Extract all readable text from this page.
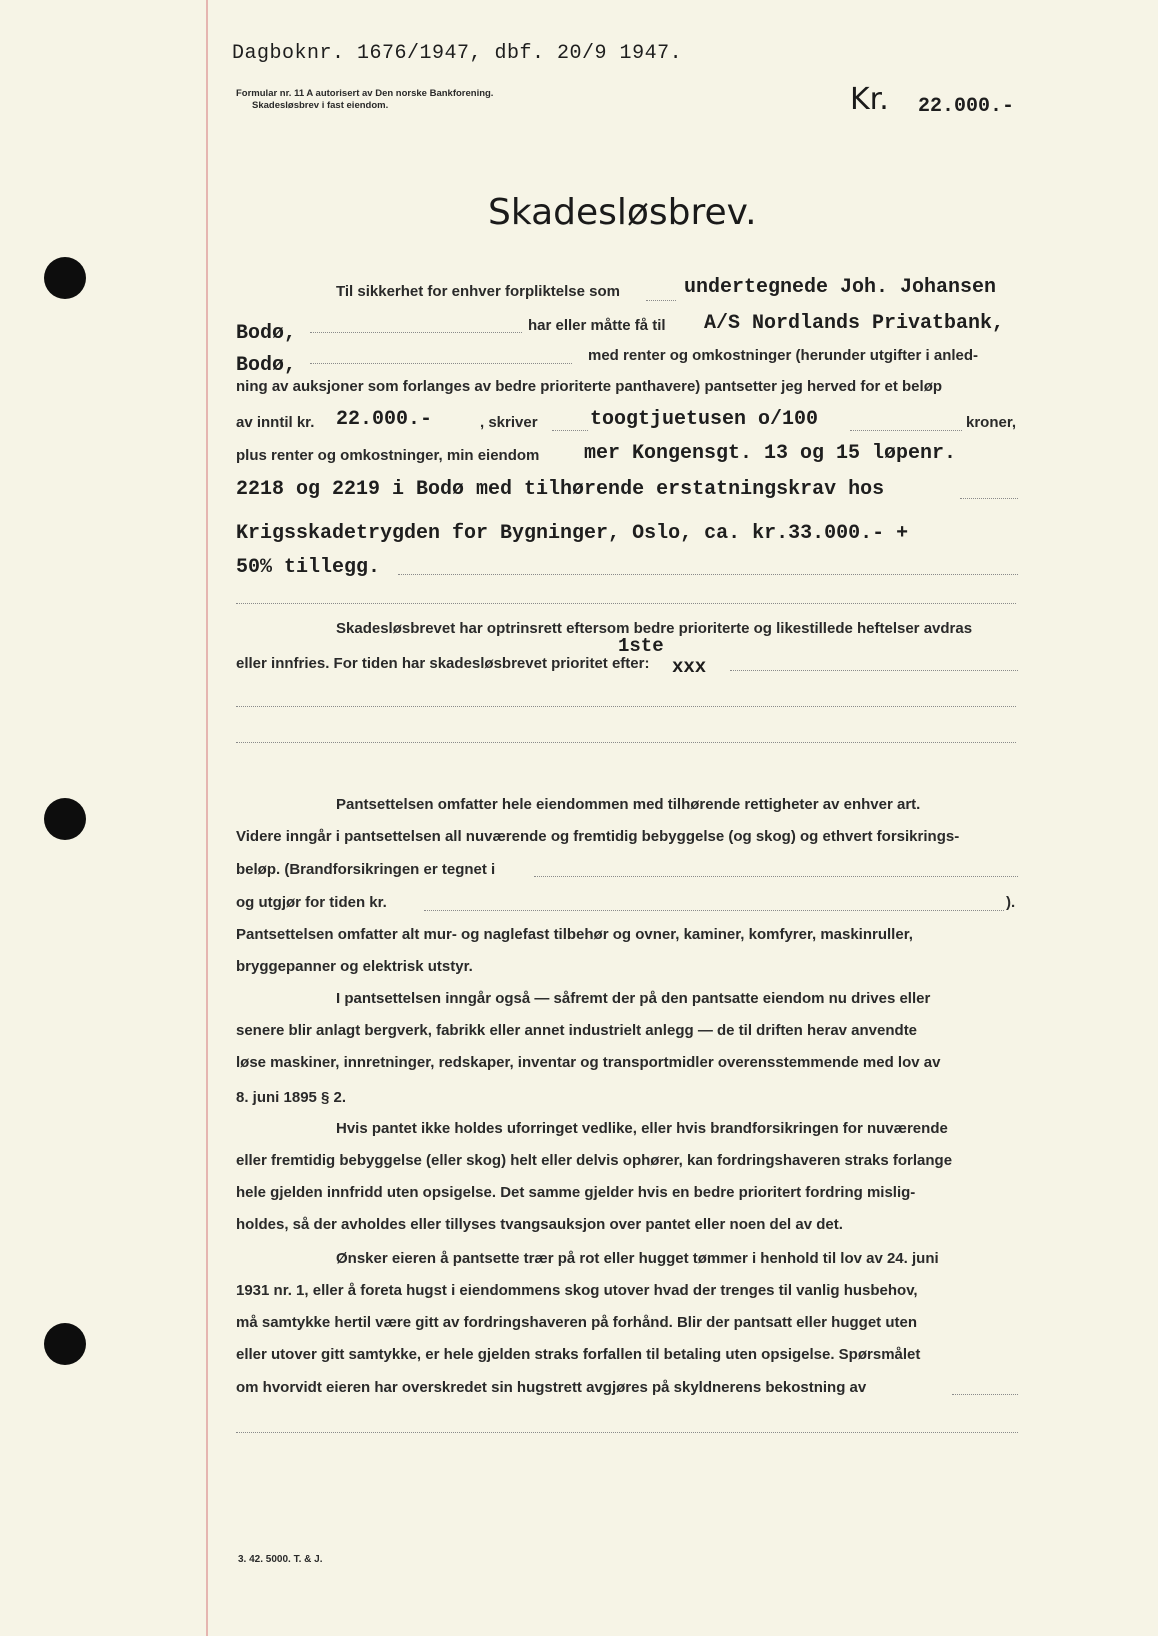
Dagboknr. 1676/1947, dbf. 20/9 1947.
Formular nr. 11 A autorisert av Den norske Bankforening.
Skadesløsbrev i fast eiendom.	Kr. 22.000.-
Skadesløsbrev.
Til sikkerhet for enhver forpliktelse som	undertegnede Joh. Johansen
Bodø,	har eller måtte få til A/S Nordlands Privatbank,
Bodø,	med renter og omkostninger (herunder utgifter i anled-
ning av auksjoner som forlanges av bedre prioriterte panthavere) pantsetter jeg herved for et beløp
av inntil kr. 22.000.-	, skriver	toogtjuetusen o/100	kroner,
plus renter og omkostninger, min eiendom mer Kongensgt. 13 og 15 løpenr.
2218 og 2219 i Bodø med tilhørende erstatningskrav hos
Krigsskadetrygden for Bygninger, Oslo, ca. kr.33.000.- +
50% tillegg.
Skadesløsbrevet har optrinsrett eftersom bedre prioriterte og likestillede heftelser avdras
1ste
eller innfries. For tiden har skadesløsbrevet prioritet efter: xxx
Pantsettelsen omfatter hele eiendommen med tilhørende rettigheter av enhver art.
Videre inngår i pantsettelsen all nuværende og fremtidig bebyggelse (og skog) og ethvert forsikrings-
beløp. (Brandforsikringen er tegnet i
og utgjør for tiden kr.	).
Pantsettelsen omfatter alt mur- og naglefast tilbehør og ovner, kaminer, komfyrer, maskinruller,
bryggepanner og elektrisk utstyr.
I pantsettelsen inngår også — såfremt der på den pantsatte eiendom nu drives eller
senere blir anlagt bergverk, fabrikk eller annet industrielt anlegg — de til driften herav anvendte
løse maskiner, innretninger, redskaper, inventar og transportmidler overensstemmende med lov av
8. juni 1895 § 2.
Hvis pantet ikke holdes uforringet vedlike, eller hvis brandforsikringen for nuværende
eller fremtidig bebyggelse (eller skog) helt eller delvis ophører, kan fordringshaveren straks forlange
hele gjelden innfridd uten opsigelse. Det samme gjelder hvis en bedre prioritert fordring mislig-
holdes, så der avholdes eller tillyses tvangsauksjon over pantet eller noen del av det.
Ønsker eieren å pantsette trær på rot eller hugget tømmer i henhold til lov av 24. juni
1931 nr. 1, eller å foreta hugst i eiendommens skog utover hvad der trenges til vanlig husbehov,
må samtykke hertil være gitt av fordringshaveren på forhånd. Blir der pantsatt eller hugget uten
eller utover gitt samtykke, er hele gjelden straks forfallen til betaling uten opsigelse. Spørsmålet
om hvorvidt eieren har overskredet sin hugstrett avgjøres på skyldnerens bekostning av
3. 42. 5000. T. & J.
